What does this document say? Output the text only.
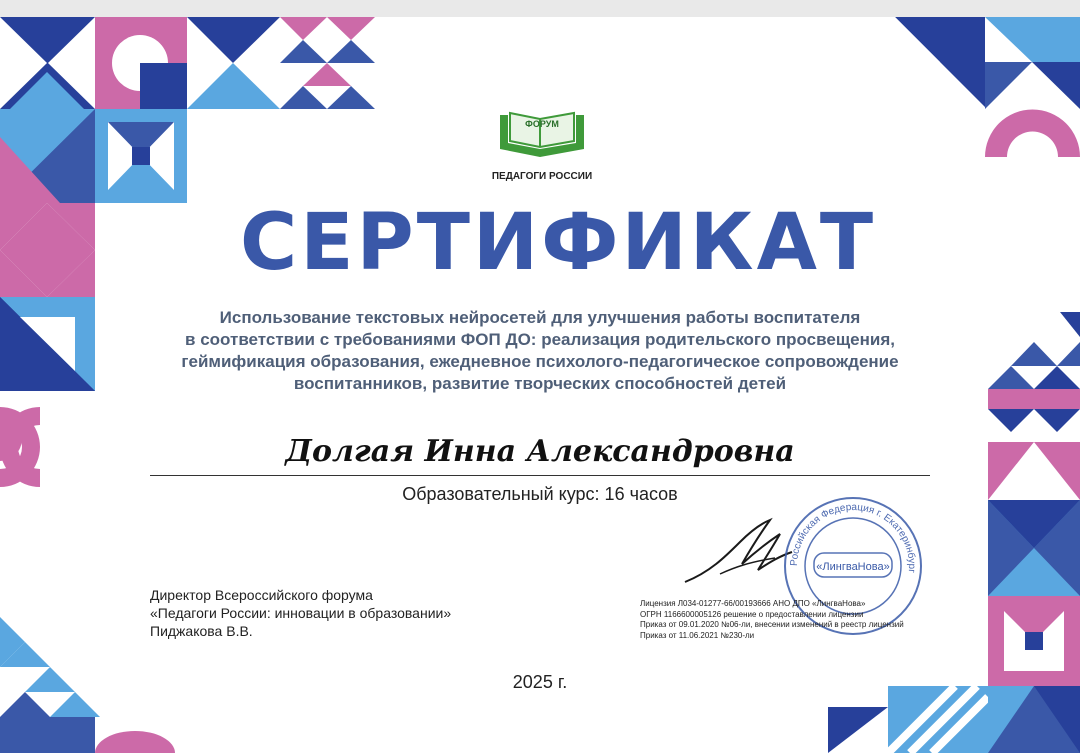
ФОРУМ
ПЕДАГОГИ РОССИИ
СЕРТИФИКАТ
Использование текстовых нейросетей для улучшения работы воспитателя
в соответствии с требованиями ФОП ДО: реализация родительского просвещения,
геймификация образования, ежедневное психолого-педагогическое сопровождение
воспитанников, развитие творческих способностей детей
Долгая Инна Александровна
Образовательный курс: 16 часов
Директор Всероссийского форума
«Педагоги России: инновации в образовании»
Пиджакова В.В.
Российская Федерация г. Екатеринбург
«ЛингваНова»
Лицензия Л034-01277-66/00193666 АНО ДПО «ЛингваНова»
ОГРН 1166600005126 решение о предоставлении лицензии
Приказ от 09.01.2020 №06-ли, внесении изменений в реестр лицензий
Приказ от 11.06.2021 №230-ли
2025 г.
